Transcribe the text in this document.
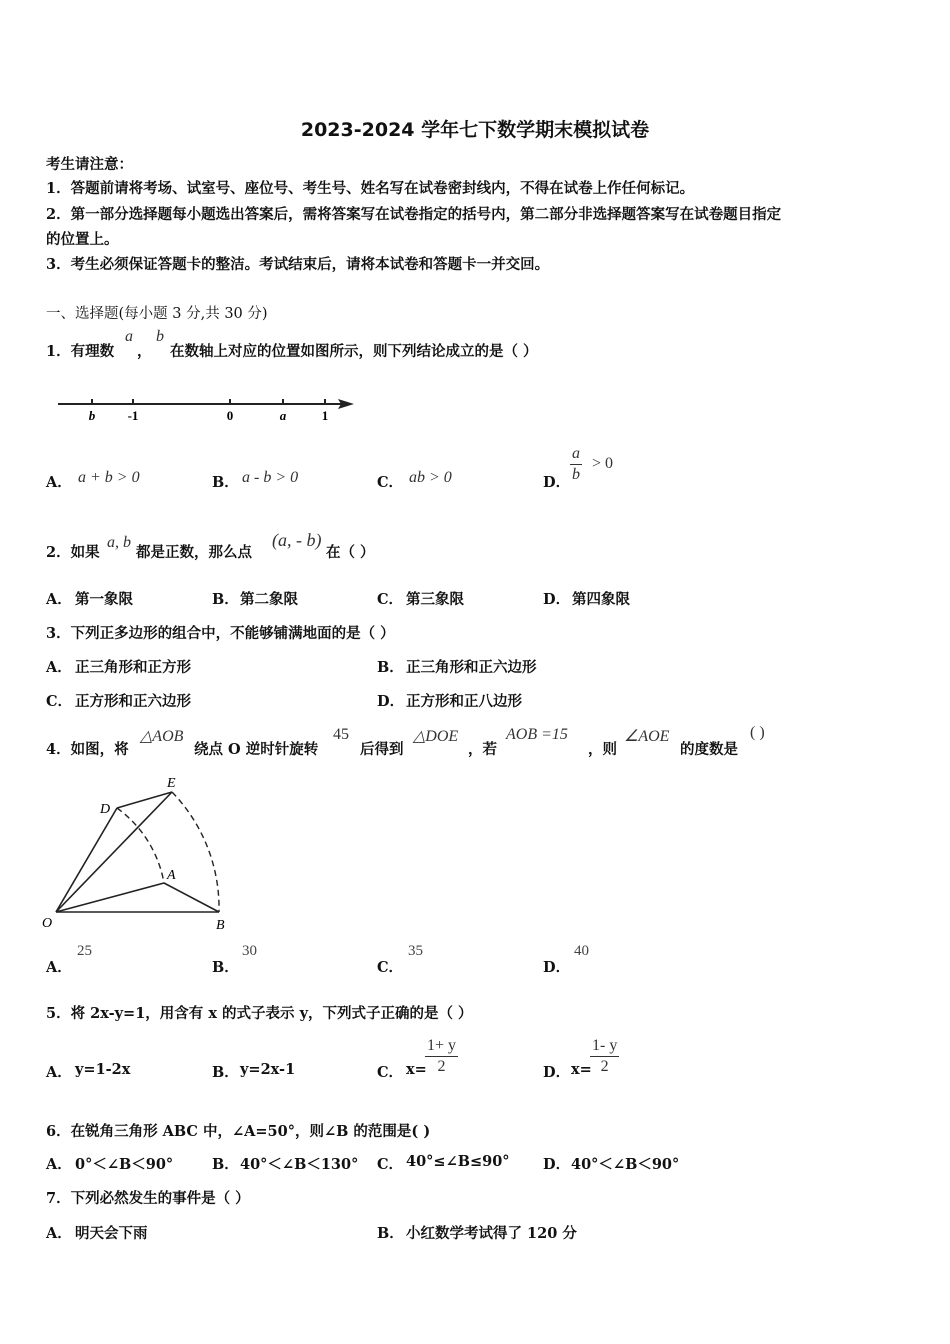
2023-2024 学年七下数学期末模拟试卷
考生请注意：
1．答题前请将考场、试室号、座位号、考生号、姓名写在试卷密封线内，不得在试卷上作任何标记。
2．第一部分选择题每小题选出答案后，需将答案写在试卷指定的括号内，第二部分非选择题答案写在试卷题目指定
的位置上。
3．考生必须保证答题卡的整洁。考试结束后，请将本试卷和答题卡一并交回。
一、选择题(每小题 3 分,共 30 分)
1．有理数
a
，
b
在数轴上对应的位置如图所示，则下列结论成立的是（ ）
b -1	0	a	1
A． a + b > 0	B． a - b > 0	C． ab > 0	D． $\frac{a}{b} > 0$
2．如果
a, b
都是正数，那么点
(a, - b)
在（ ）
A． 第一象限	B． 第二象限	C． 第三象限	D． 第四象限
3．下列正多边形的组合中，不能够铺满地面的是（ ）
A． 正三角形和正方形	B． 正三角形和正六边形
C． 正方形和正六边形	D． 正方形和正八边形
4．如图，将
△AOB
绕点 O 逆时针旋转
45
后得到
△DOE
，若
AOB =15
，则
∠AOE
的度数是
( )
E
D
A
O	B
A．
25
B．
30
C．
35
D．
40
5．将 2x-y=1，用含有 x 的式子表示 y，下列式子正确的是（ ）
A． y=1-2x	B． y=2x-1	C． x=
$\frac{1+ y}{2}$	D． x=
$\frac{1- y}{2}$
6．在锐角三角形 ABC 中，∠A=50°，则∠B 的范围是( )
A． 0°＜∠B＜90°	B． 40°＜∠B＜130° C． 40°≤∠B≤90° D． 40°＜∠B＜90°
7．下列必然发生的事件是（ ）
A． 明天会下雨	B． 小红数学考试得了 120 分
